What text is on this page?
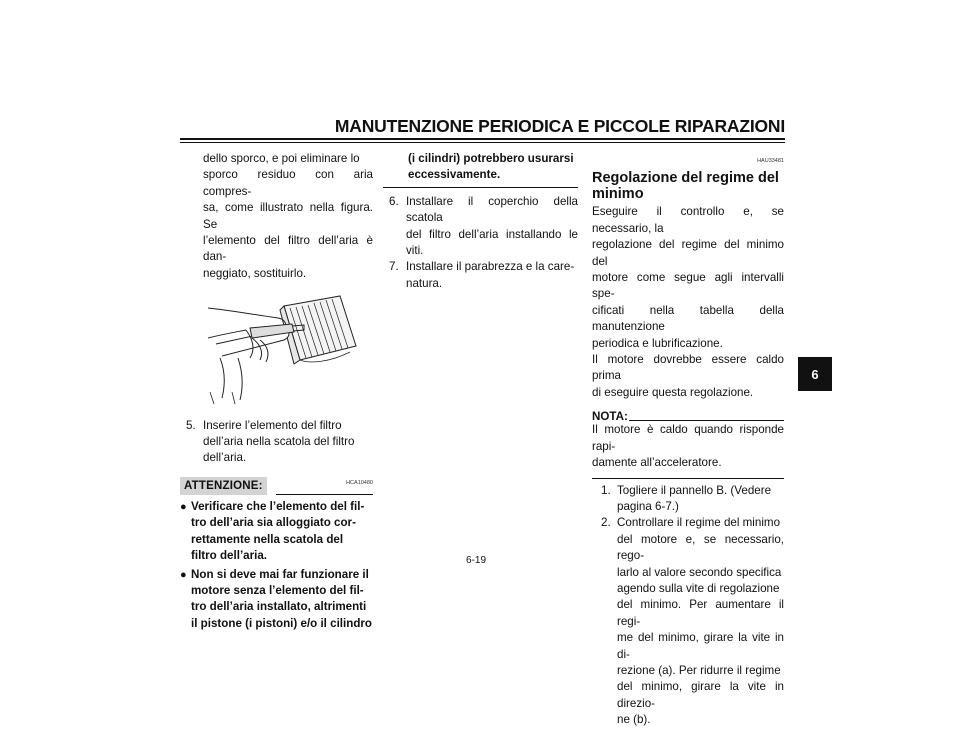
MANUTENZIONE PERIODICA E PICCOLE RIPARAZIONI
dello sporco, e poi eliminare lo
sporco residuo con aria compres-
sa, come illustrato nella figura. Se
l’elemento del filtro dell’aria è dan-
neggiato, sostituirlo.
5. Inserire l’elemento del filtro
dell’aria nella scatola del filtro
dell’aria.
ATTENZIONE:	HCA10480
● Verificare che l’elemento del fil-
tro dell’aria sia alloggiato cor-
rettamente nella scatola del
filtro dell’aria.
● Non si deve mai far funzionare il
motore senza l’elemento del fil-
tro dell’aria installato, altrimenti
il pistone (i pistoni) e/o il cilindro
(i cilindri) potrebbero usurarsi
eccessivamente.
6. Installare il coperchio della scatola
del filtro dell’aria installando le viti.
7. Installare il parabrezza e la care-
natura.
HAU33481
Regolazione del regime del
minimo
Eseguire il controllo e, se necessario, la
regolazione del regime del minimo del
motore come segue agli intervalli spe-
cificati nella tabella della manutenzione
periodica e lubrificazione.
Il motore dovrebbe essere caldo prima
di eseguire questa regolazione.
NOTA:
Il motore è caldo quando risponde rapi-
damente all’acceleratore.
1. Togliere il pannello B. (Vedere
pagina 6-7.)
2. Controllare il regime del minimo
del motore e, se necessario, rego-
larlo al valore secondo specifica
agendo sulla vite di regolazione
del minimo. Per aumentare il regi-
me del minimo, girare la vite in di-
rezione (a). Per ridurre il regime
del minimo, girare la vite in direzio-
ne (b).
6
6-19
